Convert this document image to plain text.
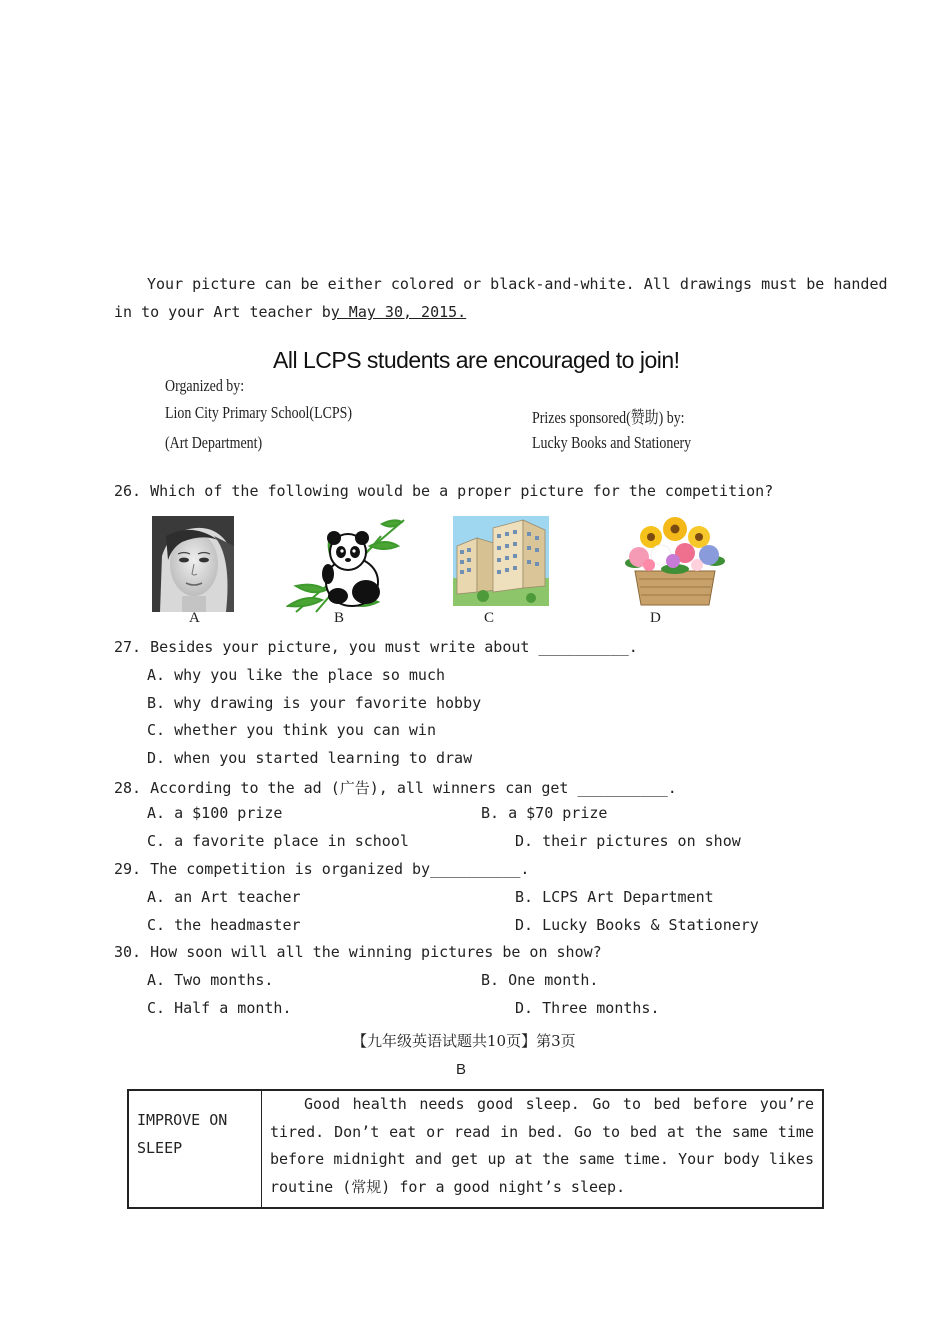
Your picture can be either colored or black-and-white. All drawings must be handed
in to your Art teacher by May 30, 2015.
All LCPS students are encouraged to join!
Organized by:
Lion City Primary School(LCPS)
(Art Department)
Prizes sponsored(赞助) by:
Lucky Books and Stationery
26. Which of the following would be a proper picture for the competition?
A	B	C	D
27. Besides your picture, you must write about __________.
A. why you like the place so much
B. why drawing is your favorite hobby
C. whether you think you can win
D. when you started learning to draw
28. According to the ad (广告), all winners can get __________.
A. a $100 prize	B. a $70 prize
C. a favorite place in school	D. their pictures on show
29. The competition is organized by__________.
A. an Art teacher	B. LCPS Art Department
C. the headmaster	D. Lucky Books & Stationery
30. How soon will all the winning pictures be on show?
A. Two months.	B. One month.
C. Half a month.	D. Three months.
【九年级英语试题共10页】第3页
B
IMPROVE ON SLEEP	Good health needs good sleep. Go to bed before you’re tired. Don’t eat or read in bed. Go to bed at the same time before midnight and get up at the same time. Your body likes routine (常规) for a good night’s sleep.
